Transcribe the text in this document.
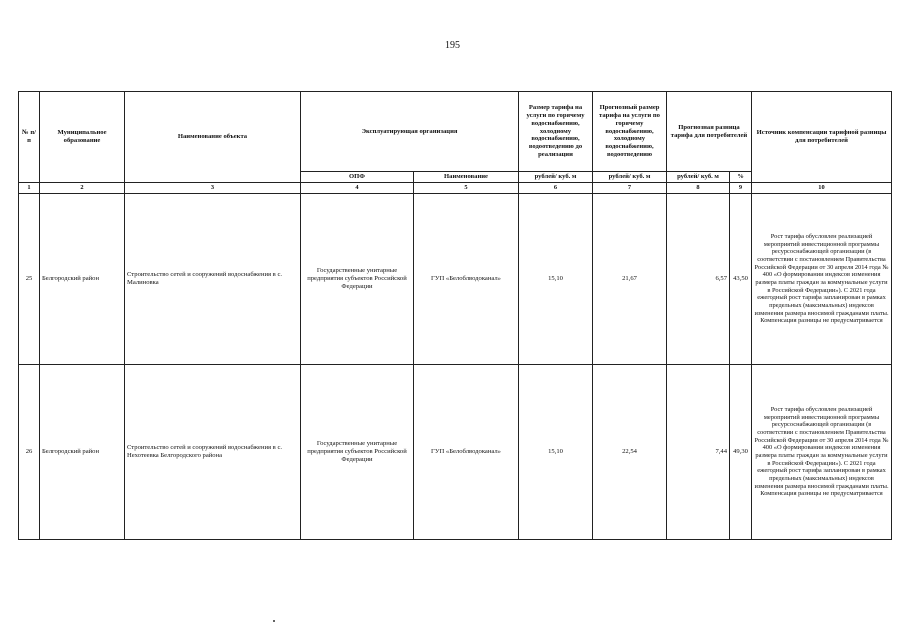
195
№ п/п	Муниципальное образование	Наименование объекта	Эксплуатирующая организация		Размер тарифа на услуги по горячему водоснабжению, холодному водоснабжению, водоотведению до реализации	Прогнозный размер тарифа на услуги по горячему водоснабжению, холодному водоснабжению, водоотведению	Прогнозная разница тарифа для потребителей		Источник компенсации тарифной разницы для потребителей
			ОПФ	Наименование	рублей/ куб. м	рублей/ куб. м	рублей/ куб. м	%	
1	2	3	4	5	6	7	8	9	10
25	Белгородский район	Строительство сетей и сооружений водоснабжения в с. Малиновка	Государственные унитарные предприятия субъектов Российской Федерации	ГУП «Белоблводоканал»	15,10	21,67	6,57	43,50	Рост тарифа обусловлен реализацией мероприятий инвестиционной программы ресурсоснабжающей организации (в соответствии с постановлением Правительства Российской Федерации от 30 апреля 2014 года № 400 «О формировании индексов изменения размера платы граждан за коммунальные услуги в Российской Федерации»). С 2021 года ежегодный рост тарифа запланирован в рамках предельных (максимальных) индексов изменения размера вносимой гражданами платы. Компенсация разницы не предусматривается
26	Белгородский район	Строительство сетей и сооружений водоснабжения в с. Нехотеевка Белгородского района	Государственные унитарные предприятия субъектов Российской Федерации	ГУП «Белоблводоканал»	15,10	22,54	7,44	49,30	Рост тарифа обусловлен реализацией мероприятий инвестиционной программы ресурсоснабжающей организации (в соответствии с постановлением Правительства Российской Федерации от 30 апреля 2014 года № 400 «О формировании индексов изменения размера платы граждан за коммунальные услуги в Российской Федерации»). С 2021 года ежегодный рост тарифа запланирован в рамках предельных (максимальных) индексов изменения размера вносимой гражданами платы. Компенсация разницы не предусматривается
